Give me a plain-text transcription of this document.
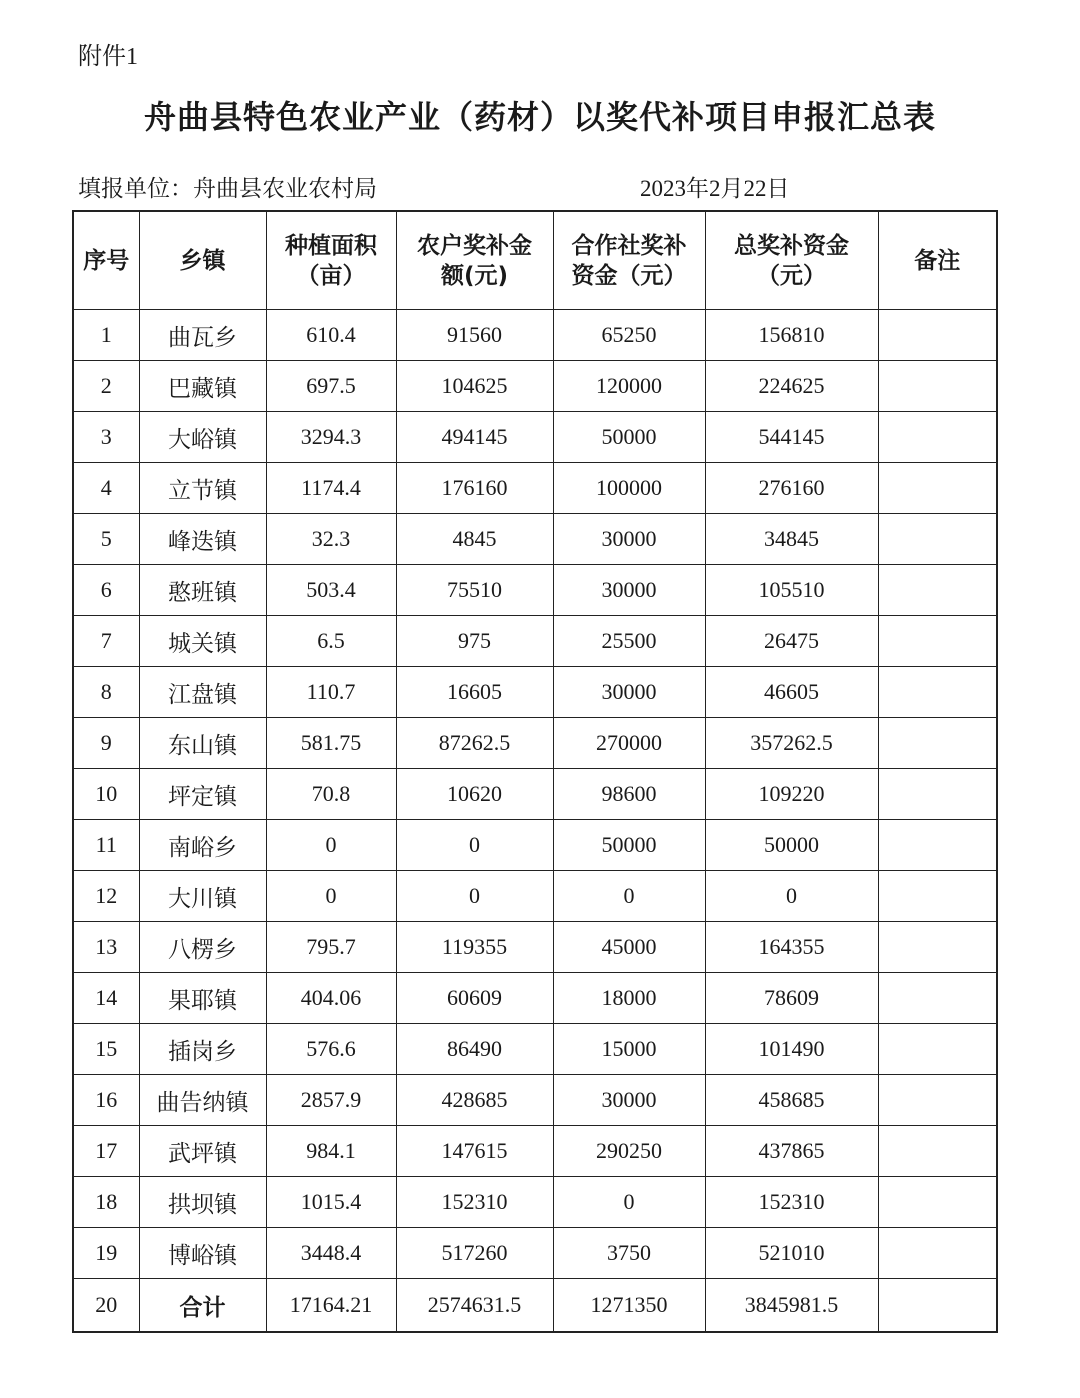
附件1
舟曲县特色农业产业（药材）以奖代补项目申报汇总表
填报单位：舟曲县农业农村局	2023年2月22日
序号	乡镇	种植面积（亩）	农户奖补金额(元)	合作社奖补资金（元）	总奖补资金（元）	备注
1	曲瓦乡	610.4	91560	65250	156810	
2	巴藏镇	697.5	104625	120000	224625	
3	大峪镇	3294.3	494145	50000	544145	
4	立节镇	1174.4	176160	100000	276160	
5	峰迭镇	32.3	4845	30000	34845	
6	憨班镇	503.4	75510	30000	105510	
7	城关镇	6.5	975	25500	26475	
8	江盘镇	110.7	16605	30000	46605	
9	东山镇	581.75	87262.5	270000	357262.5	
10	坪定镇	70.8	10620	98600	109220	
11	南峪乡	0	0	50000	50000	
12	大川镇	0	0	0	0	
13	八楞乡	795.7	119355	45000	164355	
14	果耶镇	404.06	60609	18000	78609	
15	插岗乡	576.6	86490	15000	101490	
16	曲告纳镇	2857.9	428685	30000	458685	
17	武坪镇	984.1	147615	290250	437865	
18	拱坝镇	1015.4	152310	0	152310	
19	博峪镇	3448.4	517260	3750	521010	
20	合计	17164.21	2574631.5	1271350	3845981.5	
